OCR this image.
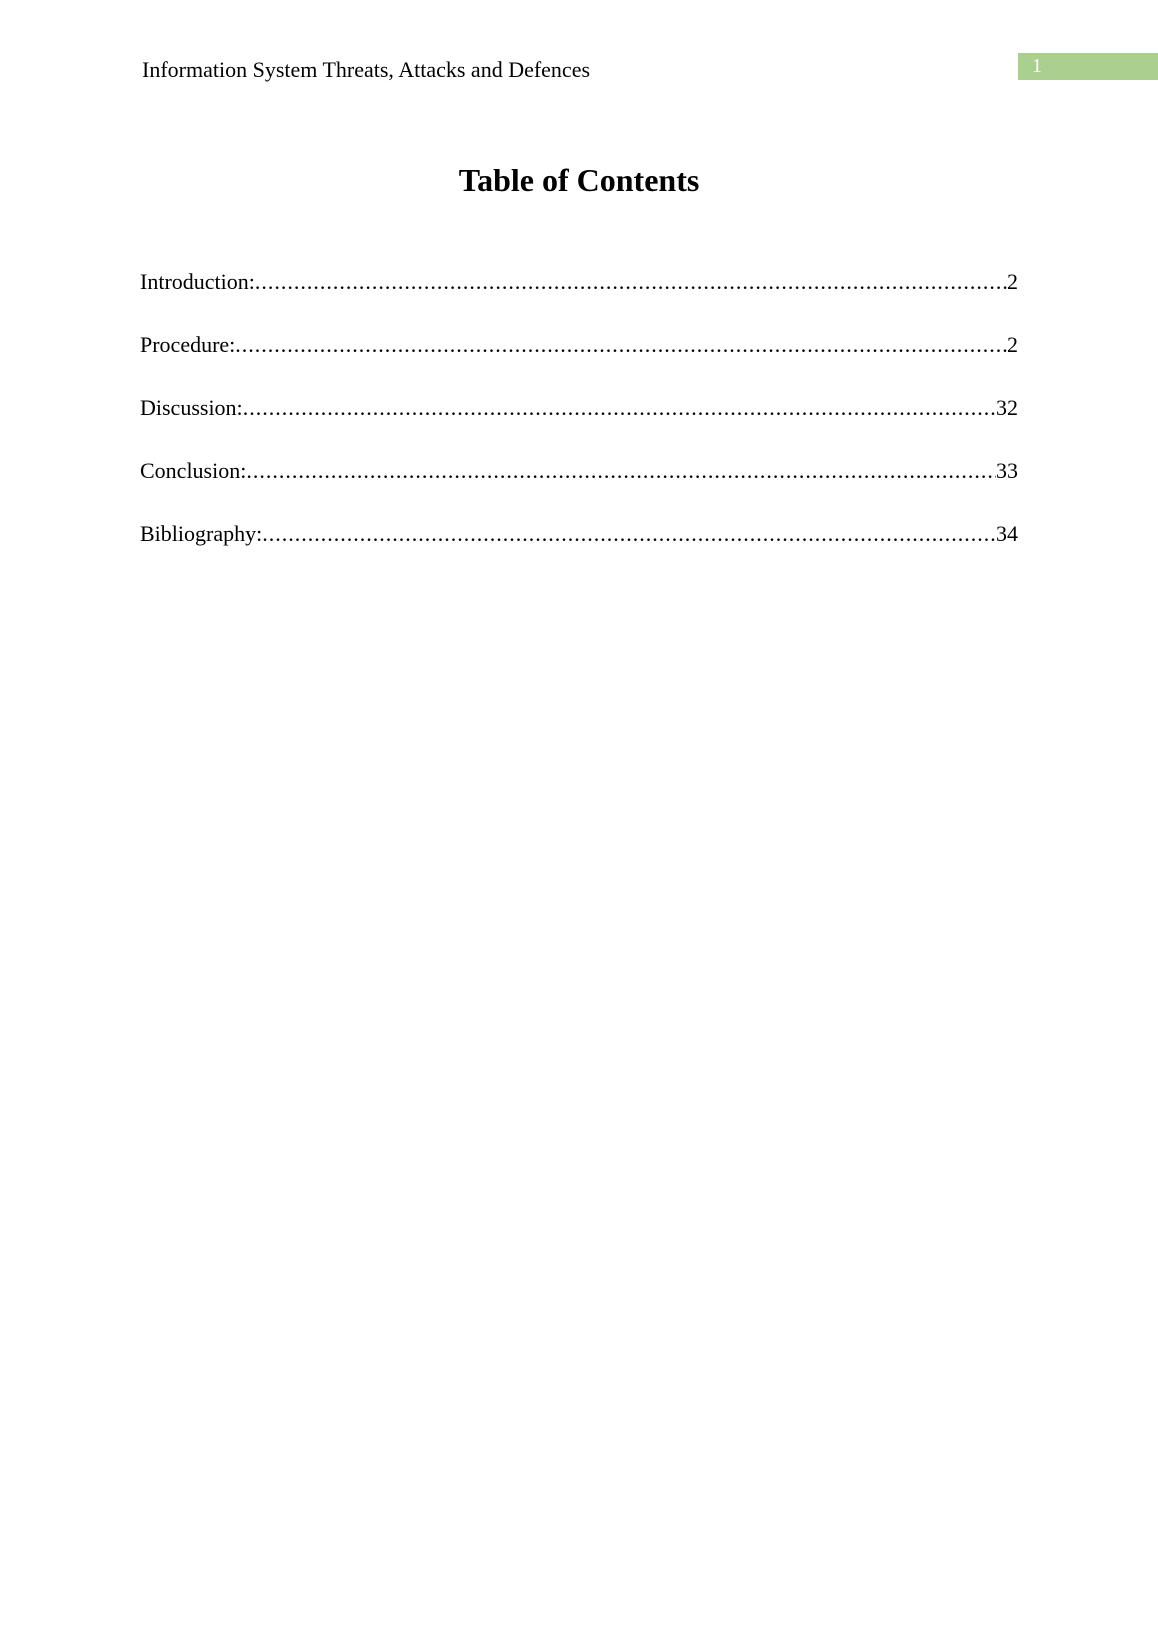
Information System Threats, Attacks and Defences	1
Table of Contents
Introduction: .....	2
Procedure: .....	2
Discussion: .....	32
Conclusion: .....	33
Bibliography: .....	34
